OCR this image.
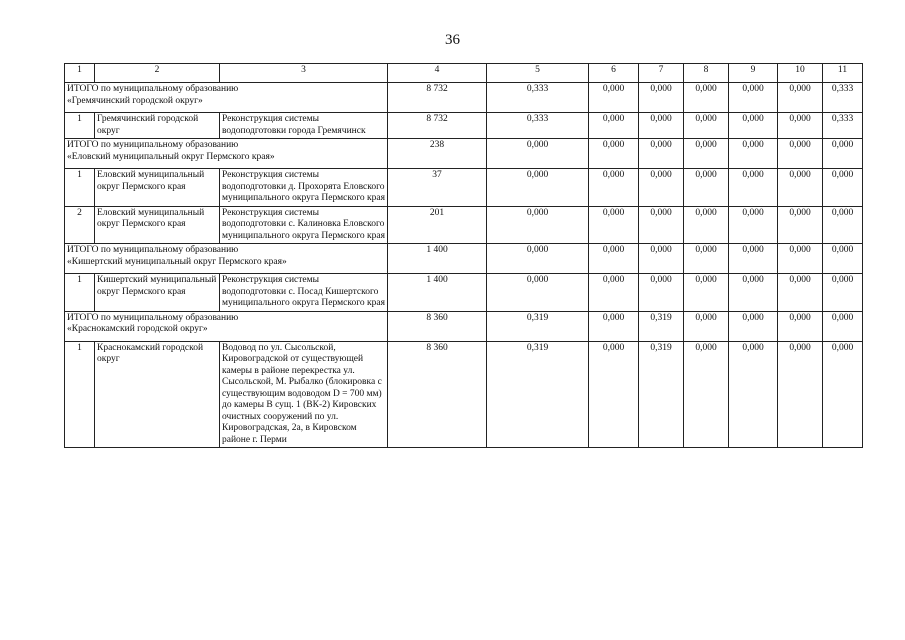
36
1	2	3	4	5	6	7	8	9	10	11

ИТОГО по муниципальному образованию
«Гремячинский городской округ»			8 732	0,333	0,000	0,000	0,000	0,000	0,000	0,333
1	Гремячинский городской округ	Реконструкция системы водоподготовки города Гремячинск	8 732	0,333	0,000	0,000	0,000	0,000	0,000	0,333

ИТОГО по муниципальному образованию
«Еловский муниципальный округ Пермского края»			238	0,000	0,000	0,000	0,000	0,000	0,000	0,000
1	Еловский муниципальный округ Пермского края	Реконструкция системы водоподготовки д. Прохорята Еловского муниципального округа Пермского края	37	0,000	0,000	0,000	0,000	0,000	0,000	0,000
2	Еловский муниципальный округ Пермского края	Реконструкция системы водоподготовки с. Калиновка Еловского муниципального округа Пермского края	201	0,000	0,000	0,000	0,000	0,000	0,000	0,000

ИТОГО по муниципальному образованию
«Кишертский муниципальный округ Пермского края»			1 400	0,000	0,000	0,000	0,000	0,000	0,000	0,000
1	Кишертский муниципальный округ Пермского края	Реконструкция системы водоподготовки с. Посад Кишертского муниципального округа Пермского края	1 400	0,000	0,000	0,000	0,000	0,000	0,000	0,000

ИТОГО по муниципальному образованию
«Краснокамский городской округ»			8 360	0,319	0,000	0,319	0,000	0,000	0,000	0,000
1	Краснокамский городской округ	Водовод по ул. Сысольской, Кировоградской от существующей камеры в районе перекрестка ул. Сысольской, М. Рыбалко (блокировка с существующим водоводом D = 700 мм) до камеры В сущ. 1 (ВК-2) Кировских очистных сооружений по ул. Кировоградская, 2а, в Кировском районе г. Перми	8 360	0,319	0,000	0,319	0,000	0,000	0,000	0,000
